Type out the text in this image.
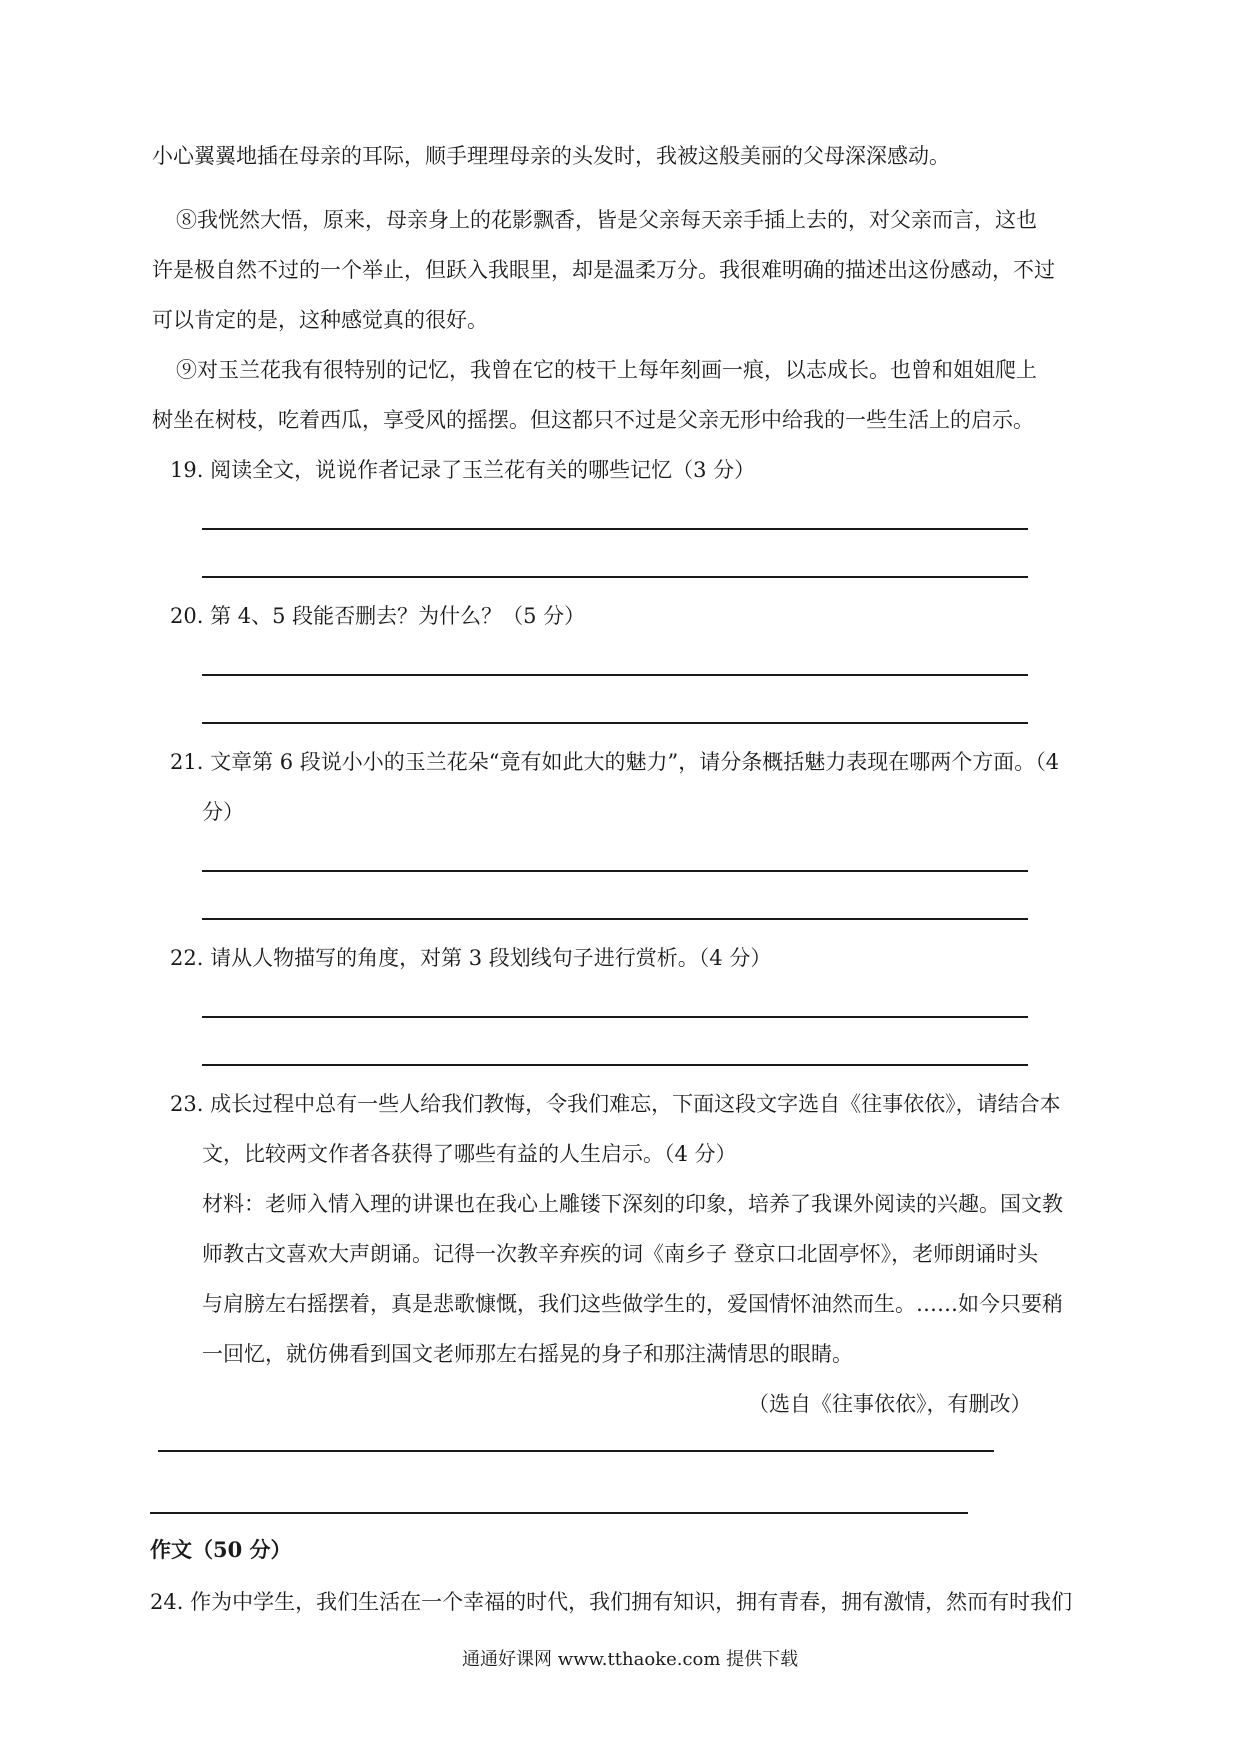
小心翼翼地插在母亲的耳际，顺手理理母亲的头发时，我被这般美丽的父母深深感动。
⑧我恍然大悟，原来，母亲身上的花影飘香，皆是父亲每天亲手插上去的，对父亲而言，这也
许是极自然不过的一个举止，但跃入我眼里，却是温柔万分。我很难明确的描述出这份感动，不过
可以肯定的是，这种感觉真的很好。
⑨对玉兰花我有很特别的记忆，我曾在它的枝干上每年刻画一痕，以志成长。也曾和姐姐爬上
树坐在树枝，吃着西瓜，享受风的摇摆。但这都只不过是父亲无形中给我的一些生活上的启示。
19. 阅读全文，说说作者记录了玉兰花有关的哪些记忆（3 分）
20. 第 4、5 段能否删去？为什么？（5 分）
21. 文章第 6 段说小小的玉兰花朵“竟有如此大的魅力”，请分条概括魅力表现在哪两个方面。（4
分）
22. 请从人物描写的角度，对第 3 段划线句子进行赏析。（4 分）
23. 成长过程中总有一些人给我们教悔，令我们难忘，下面这段文字选自《往事依依》，请结合本
文，比较两文作者各获得了哪些有益的人生启示。（4 分）
材料：老师入情入理的讲课也在我心上雕镂下深刻的印象，培养了我课外阅读的兴趣。国文教
师教古文喜欢大声朗诵。记得一次教辛弃疾的词《南乡子 登京口北固亭怀》，老师朗诵时头
与肩膀左右摇摆着，真是悲歌慷慨，我们这些做学生的，爱国情怀油然而生。……如今只要稍
一回忆，就仿佛看到国文老师那左右摇晃的身子和那注满情思的眼睛。
（选自《往事依依》，有删改）
作文（50 分）
24. 作为中学生，我们生活在一个幸福的时代，我们拥有知识，拥有青春，拥有激情，然而有时我们
通通好课网 www.tthaoke.com 提供下载
